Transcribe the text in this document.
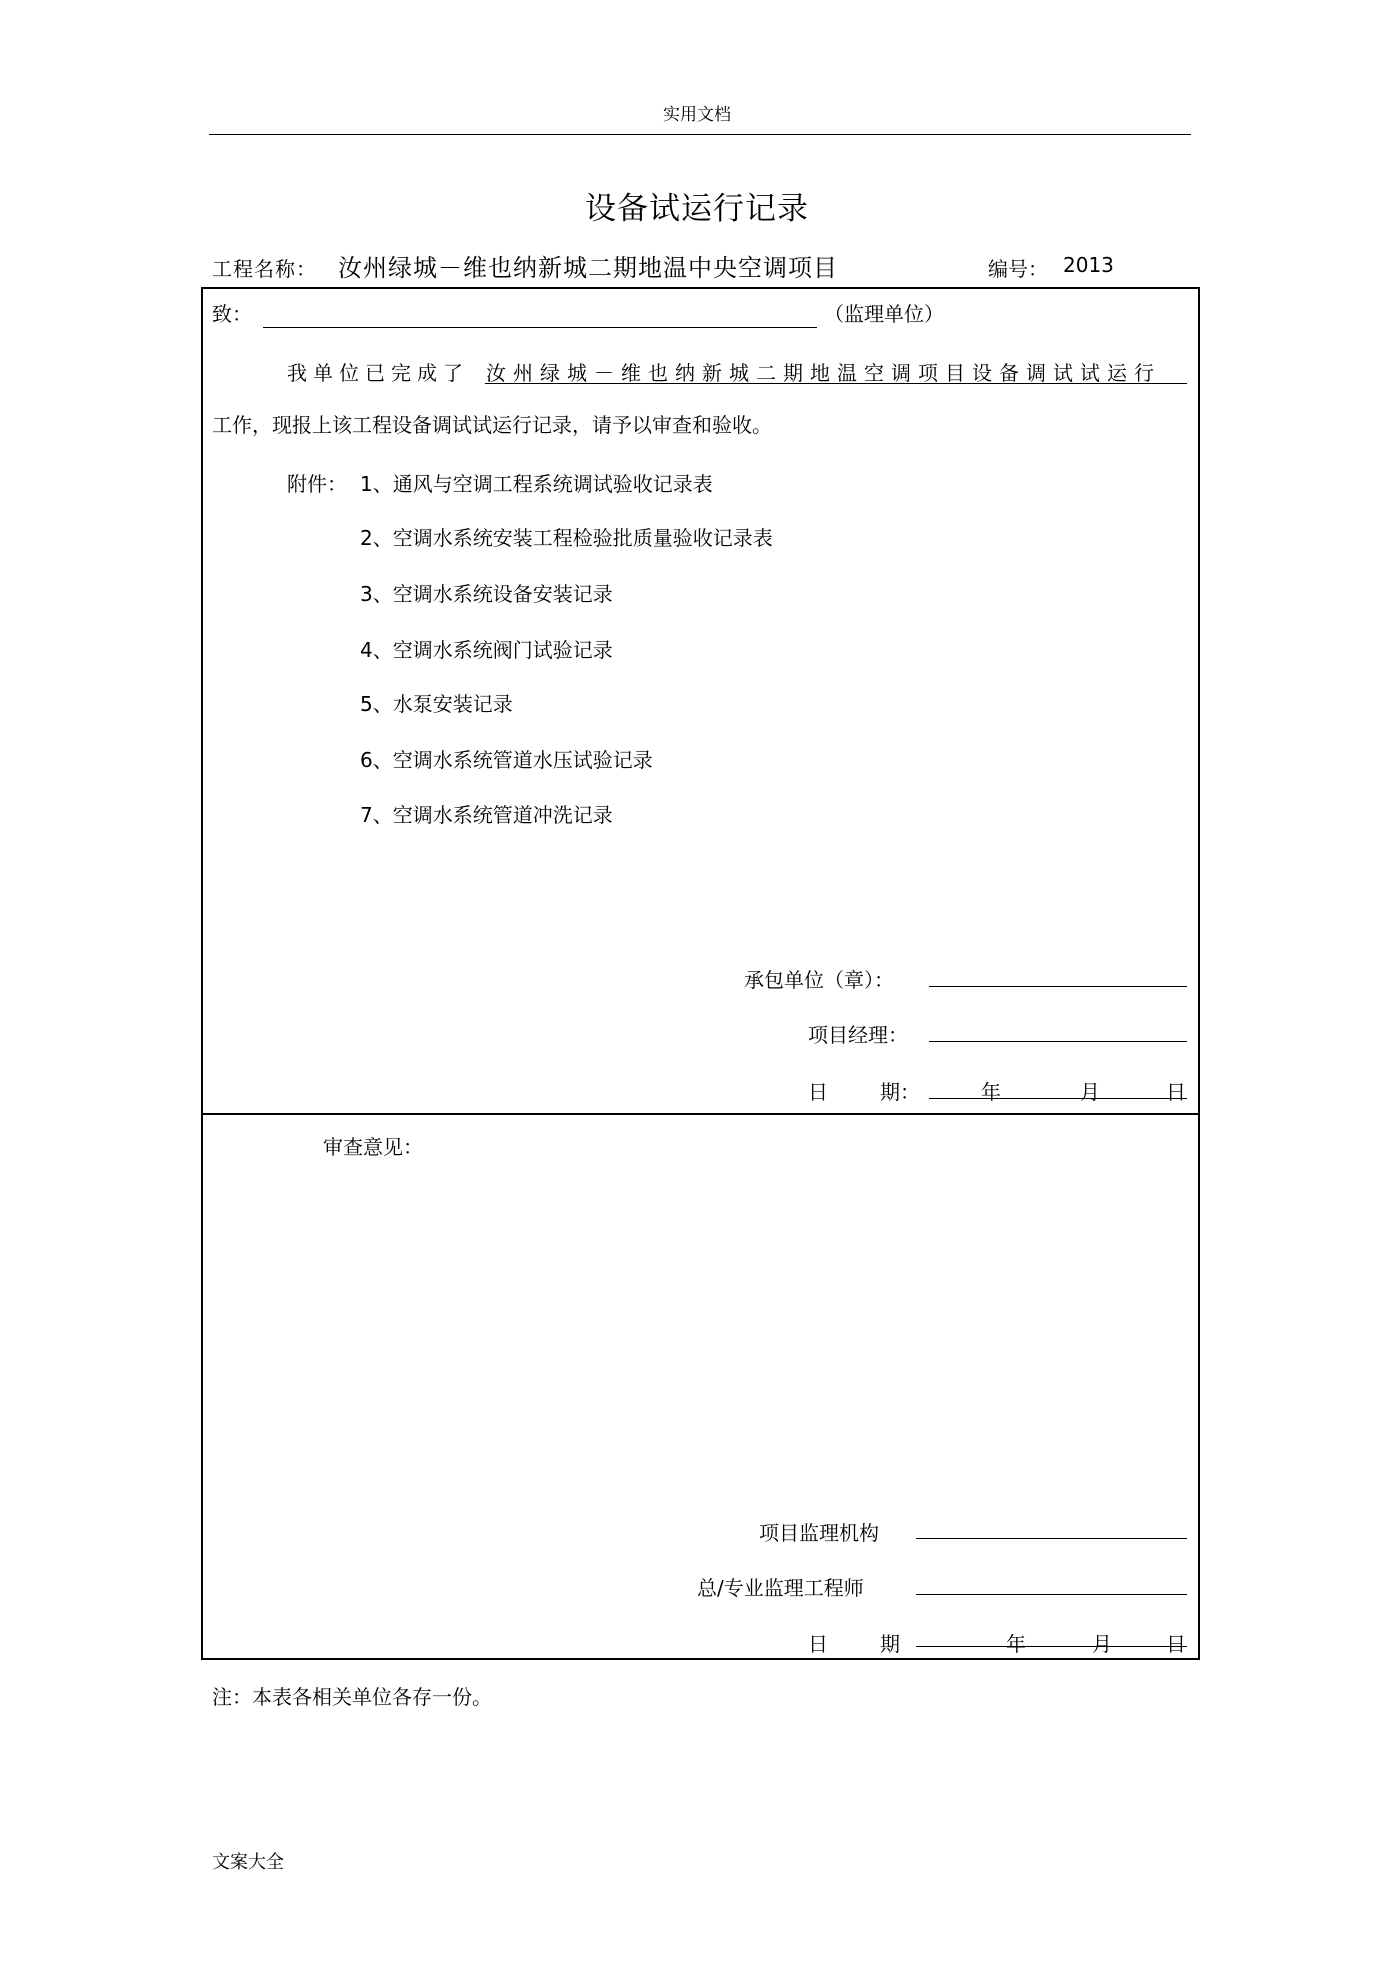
实用文档
设备试运行记录
工程名称： 汝州绿城－维也纳新城二期地温中央空调项目	编号： 2013
致：	（监理单位）
我单位已完成了 汝州绿城－维也纳新城二期地温空调项目设备调试试运行
工作，现报上该工程设备调试试运行记录，请予以审查和验收。
附件： 1、通风与空调工程系统调试验收记录表
2、空调水系统安装工程检验批质量验收记录表
3、空调水系统设备安装记录
4、空调水系统阀门试验记录
5、水泵安装记录
6、空调水系统管道水压试验记录
7、空调水系统管道冲洗记录
承包单位（章）：
项目经理：
日	期：	年	月	日
审查意见：
项目监理机构
总/专业监理工程师
日	期	年	月	日
注：本表各相关单位各存一份。
文案大全
